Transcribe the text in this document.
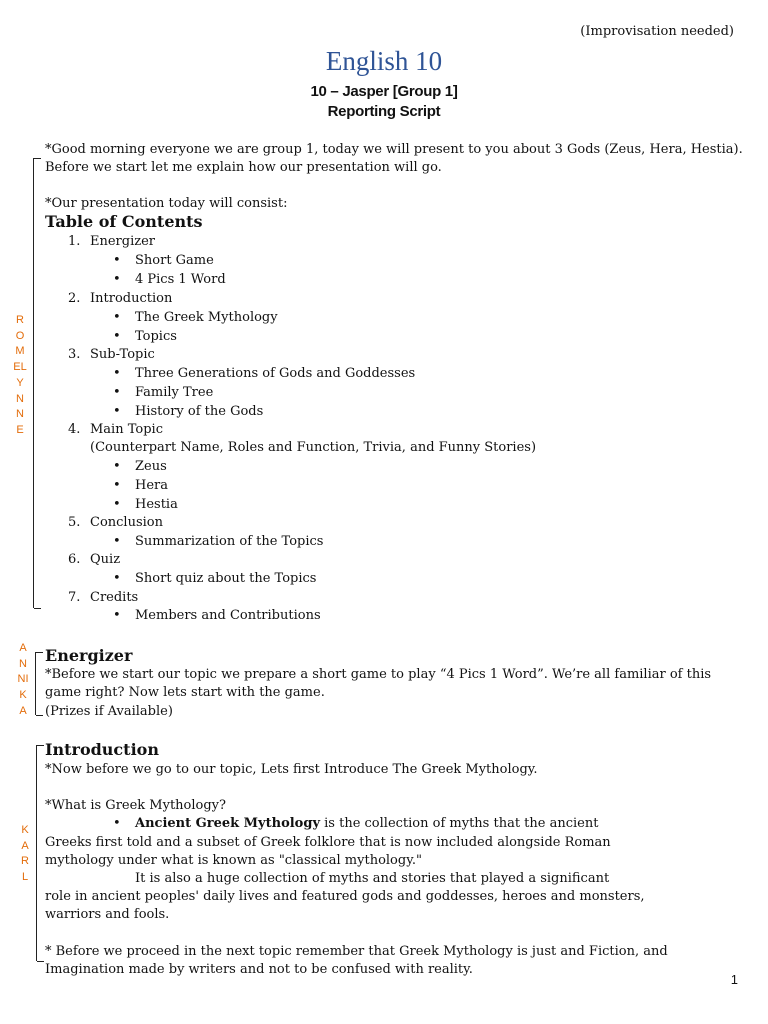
(Improvisation needed)
English 10
10 – Jasper [Group 1]
Reporting Script
*Good morning everyone we are group 1, today we will present to you about 3 Gods (Zeus, Hera, Hestia).
Before we start let me explain how our presentation will go.
*Our presentation today will consist:
ROMELYNNE
Table of Contents
1. Energizer
• Short Game
• 4 Pics 1 Word
2. Introduction
• The Greek Mythology
• Topics
3. Sub-Topic
• Three Generations of Gods and Goddesses
• Family Tree
• History of the Gods
4. Main Topic
(Counterpart Name, Roles and Function, Trivia, and Funny Stories)
• Zeus
• Hera
• Hestia
5. Conclusion
• Summarization of the Topics
6. Quiz
• Short quiz about the Topics
7. Credits
• Members and Contributions
ANNIKA
Energizer
*Before we start our topic we prepare a short game to play “4 Pics 1 Word”. We’re all familiar of this
game right? Now lets start with the game.
(Prizes if Available)
KARL
Introduction
*Now before we go to our topic, Lets first Introduce The Greek Mythology.
*What is Greek Mythology?
• Ancient Greek Mythology is the collection of myths that the ancient
Greeks first told and a subset of Greek folklore that is now included alongside Roman
mythology under what is known as "classical mythology."
It is also a huge collection of myths and stories that played a significant
role in ancient peoples' daily lives and featured gods and goddesses, heroes and monsters,
warriors and fools.
* Before we proceed in the next topic remember that Greek Mythology is just and Fiction, and
Imagination made by writers and not to be confused with reality.
1
